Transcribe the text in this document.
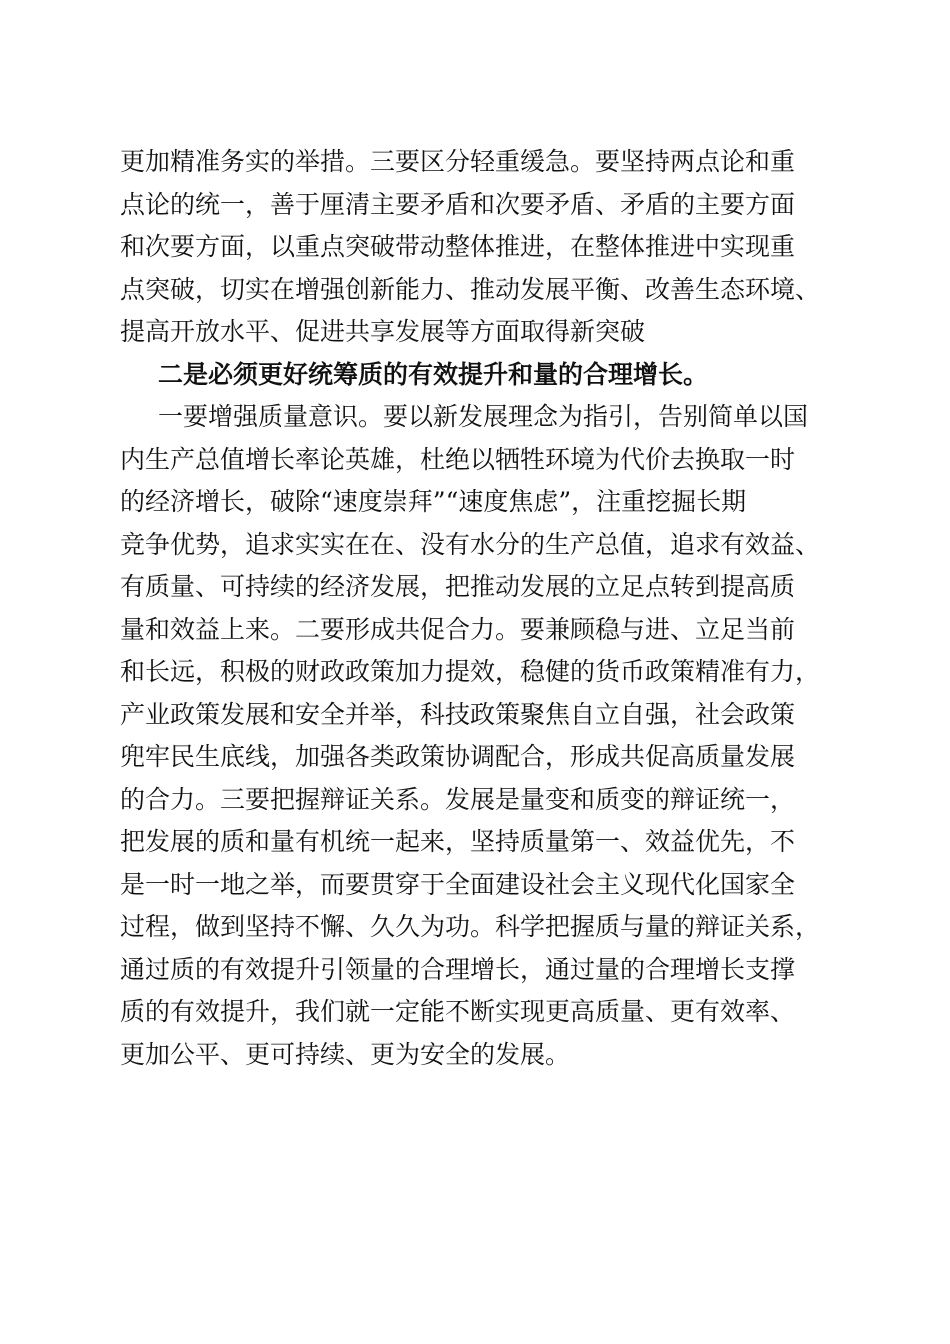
更加精准务实的举措。三要区分轻重缓急。要坚持两点论和重
点论的统一，善于厘清主要矛盾和次要矛盾、矛盾的主要方面
和次要方面，以重点突破带动整体推进，在整体推进中实现重
点突破，切实在增强创新能力、推动发展平衡、改善生态环境、
提高开放水平、促进共享发展等方面取得新突破
二是必须更好统筹质的有效提升和量的合理增长。
一要增强质量意识。要以新发展理念为指引，告别简单以国
内生产总值增长率论英雄，杜绝以牺牲环境为代价去换取一时
的经济增长，破除“速度崇拜”“速度焦虑”，注重挖掘长期
竞争优势，追求实实在在、没有水分的生产总值，追求有效益、
有质量、可持续的经济发展，把推动发展的立足点转到提高质
量和效益上来。二要形成共促合力。要兼顾稳与进、立足当前
和长远，积极的财政政策加力提效，稳健的货币政策精准有力，
产业政策发展和安全并举，科技政策聚焦自立自强，社会政策
兜牢民生底线，加强各类政策协调配合，形成共促高质量发展
的合力。三要把握辩证关系。发展是量变和质变的辩证统一，
把发展的质和量有机统一起来，坚持质量第一、效益优先，不
是一时一地之举，而要贯穿于全面建设社会主义现代化国家全
过程，做到坚持不懈、久久为功。科学把握质与量的辩证关系，
通过质的有效提升引领量的合理增长，通过量的合理增长支撑
质的有效提升，我们就一定能不断实现更高质量、更有效率、
更加公平、更可持续、更为安全的发展。
